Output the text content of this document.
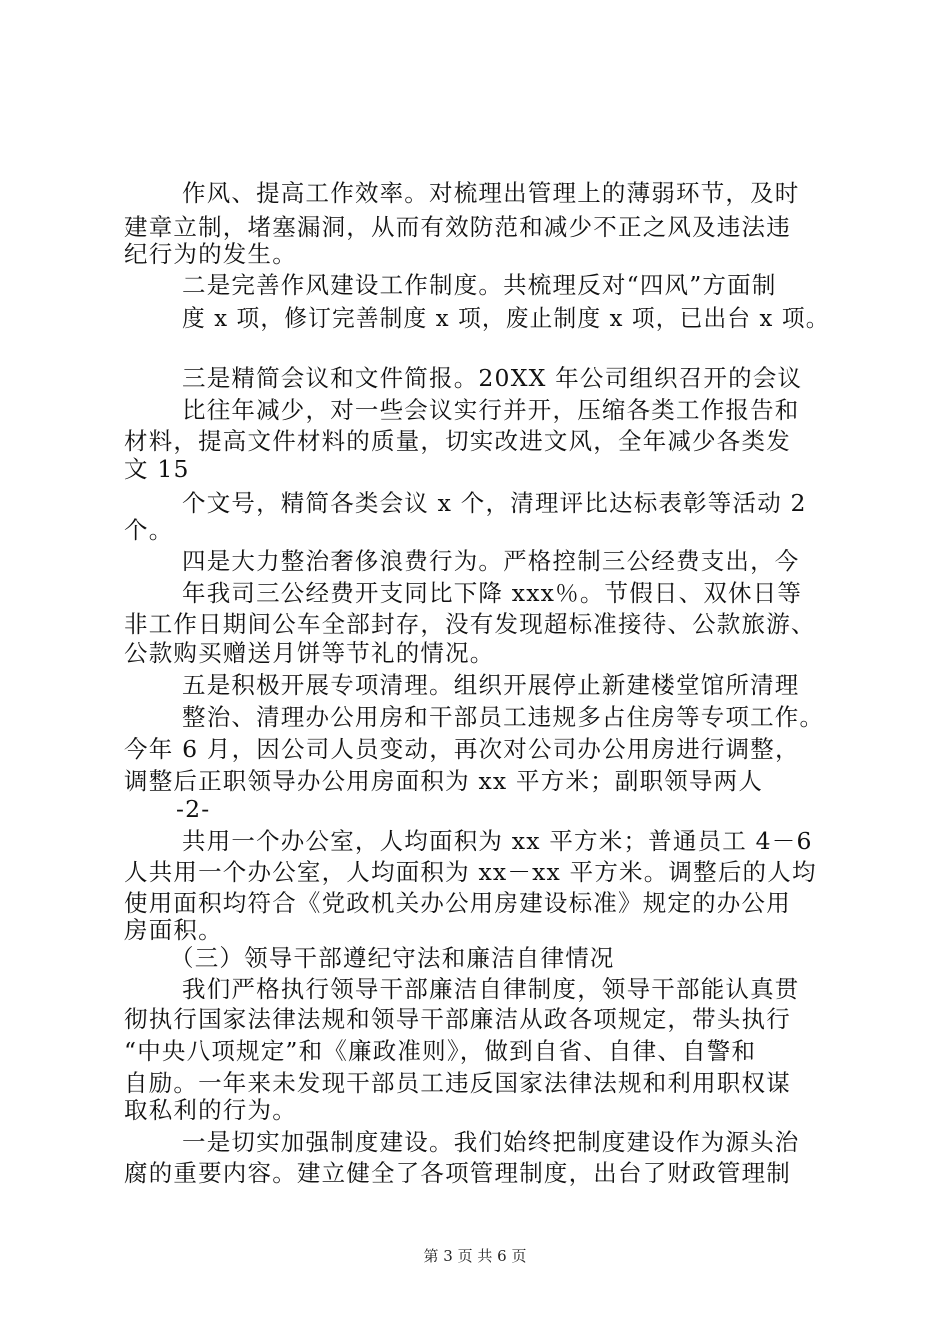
作风、提高工作效率。对梳理出管理上的薄弱环节，及时
建章立制，堵塞漏洞，从而有效防范和减少不正之风及违法违
纪行为的发生。
二是完善作风建设工作制度。共梳理反对“四风”方面制
度 x 项，修订完善制度 x 项，废止制度 x 项，已出台 x 项。
三是精简会议和文件简报。20XX 年公司组织召开的会议
比往年减少，对一些会议实行并开，压缩各类工作报告和
材料，提高文件材料的质量，切实改进文风，全年减少各类发
文 15
个文号，精简各类会议 x 个，清理评比达标表彰等活动 2
个。
四是大力整治奢侈浪费行为。严格控制三公经费支出，今
年我司三公经费开支同比下降 xxx％。节假日、双休日等
非工作日期间公车全部封存，没有发现超标准接待、公款旅游、
公款购买赠送月饼等节礼的情况。
五是积极开展专项清理。组织开展停止新建楼堂馆所清理
整治、清理办公用房和干部员工违规多占住房等专项工作。
今年 6 月，因公司人员变动，再次对公司办公用房进行调整，
调整后正职领导办公用房面积为 xx 平方米；副职领导两人
-2-
共用一个办公室，人均面积为 xx 平方米；普通员工 4－6
人共用一个办公室，人均面积为 xx－xx 平方米。调整后的人均
使用面积均符合《党政机关办公用房建设标准》规定的办公用
房面积。
（三）领导干部遵纪守法和廉洁自律情况
我们严格执行领导干部廉洁自律制度，领导干部能认真贯
彻执行国家法律法规和领导干部廉洁从政各项规定，带头执行
“中央八项规定”和《廉政准则》，做到自省、自律、自警和
自励。一年来未发现干部员工违反国家法律法规和利用职权谋
取私利的行为。
一是切实加强制度建设。我们始终把制度建设作为源头治
腐的重要内容。建立健全了各项管理制度，出台了财政管理制
第 3 页 共 6 页
